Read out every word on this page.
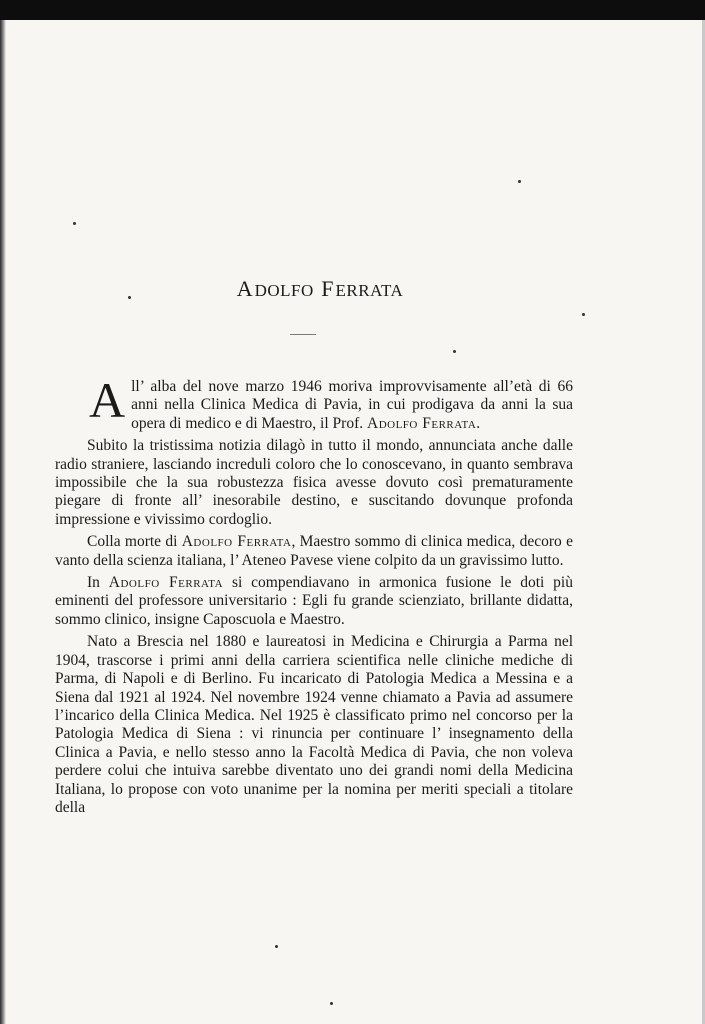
ADOLFO FERRATA

All’ alba del nove marzo 1946 moriva improvvisamente all’età di 66 anni nella Clinica Medica di Pavia, in cui prodigava da anni la sua opera di medico e di Maestro, il Prof. Adolfo Ferrata.

Subito la tristissima notizia dilagò in tutto il mondo, annunciata anche dalle radio straniere, lasciando increduli coloro che lo conoscevano, in quanto sembrava impossibile che la sua robustezza fisica avesse dovuto così prematuramente piegare di fronte all’ inesorabile destino, e suscitando dovunque profonda impressione e vivissimo cordoglio.

Colla morte di Adolfo Ferrata, Maestro sommo di clinica medica, decoro e vanto della scienza italiana, l’ Ateneo Pavese viene colpito da un gravissimo lutto.

In Adolfo Ferrata si compendiavano in armonica fusione le doti più eminenti del professore universitario : Egli fu grande scienziato, brillante didatta, sommo clinico, insigne Caposcuola e Maestro.

Nato a Brescia nel 1880 e laureatosi in Medicina e Chirurgia a Parma nel 1904, trascorse i primi anni della carriera scientifica nelle cliniche mediche di Parma, di Napoli e di Berlino. Fu incaricato di Patologia Medica a Messina e a Siena dal 1921 al 1924. Nel novembre 1924 venne chiamato a Pavia ad assumere l’incarico della Clinica Medica. Nel 1925 è classificato primo nel concorso per la Patologia Medica di Siena : vi rinuncia per continuare l’ insegnamento della Clinica a Pavia, e nello stesso anno la Facoltà Medica di Pavia, che non voleva perdere colui che intuiva sarebbe diventato uno dei grandi nomi della Medicina Italiana, lo propose con voto unanime per la nomina per meriti speciali a titolare della
